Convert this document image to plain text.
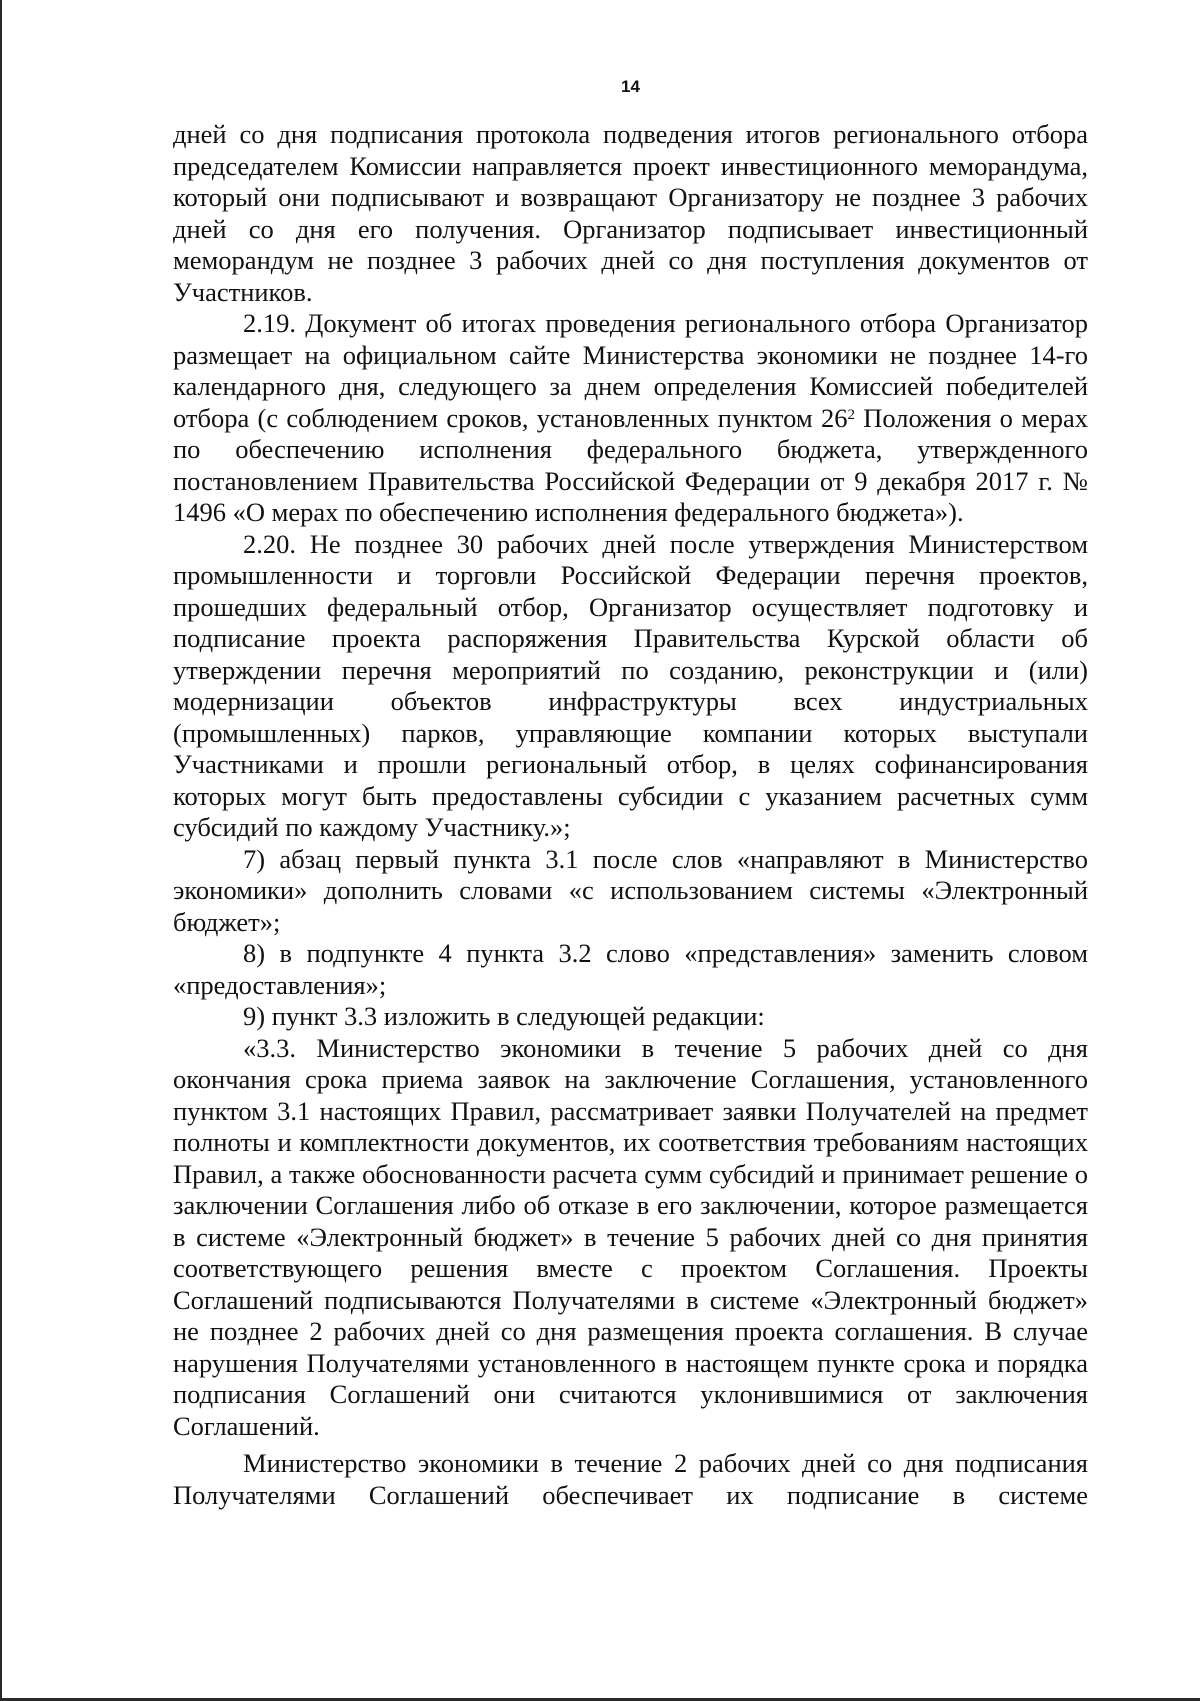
14

дней со дня подписания протокола подведения итогов регионального отбора председателем Комиссии направляется проект инвестиционного меморандума, который они подписывают и возвращают Организатору не позднее 3 рабочих дней со дня его получения. Организатор подписывает инвестиционный меморандум не позднее 3 рабочих дней со дня поступления документов от Участников.

2.19. Документ об итогах проведения регионального отбора Организатор размещает на официальном сайте Министерства экономики не позднее 14-го календарного дня, следующего за днем определения Комиссией победителей отбора (с соблюдением сроков, установленных пунктом $26^2$ Положения о мерах по обеспечению исполнения федерального бюджета, утвержденного постановлением Правительства Российской Федерации от 9 декабря 2017 г. № 1496 «О мерах по обеспечению исполнения федерального бюджета»).

2.20. Не позднее 30 рабочих дней после утверждения Министерством промышленности и торговли Российской Федерации перечня проектов, прошедших федеральный отбор, Организатор осуществляет подготовку и подписание проекта распоряжения Правительства Курской области об утверждении перечня мероприятий по созданию, реконструкции и (или) модернизации объектов инфраструктуры всех индустриальных (промышленных) парков, управляющие компании которых выступали Участниками и прошли региональный отбор, в целях софинансирования которых могут быть предоставлены субсидии с указанием расчетных сумм субсидий по каждому Участнику.»;

7) абзац первый пункта 3.1 после слов «направляют в Министерство экономики» дополнить словами «с использованием системы «Электронный бюджет»;

8) в подпункте 4 пункта 3.2 слово «представления» заменить словом «предоставления»;

9) пункт 3.3 изложить в следующей редакции:

«3.3. Министерство экономики в течение 5 рабочих дней со дня окончания срока приема заявок на заключение Соглашения, установленного пунктом 3.1 настоящих Правил, рассматривает заявки Получателей на предмет полноты и комплектности документов, их соответствия требованиям настоящих Правил, а также обоснованности расчета сумм субсидий и принимает решение о заключении Соглашения либо об отказе в его заключении, которое размещается в системе «Электронный бюджет» в течение 5 рабочих дней со дня принятия соответствующего решения вместе с проектом Соглашения. Проекты Соглашений подписываются Получателями в системе «Электронный бюджет» не позднее 2 рабочих дней со дня размещения проекта соглашения. В случае нарушения Получателями установленного в настоящем пункте срока и порядка подписания Соглашений они считаются уклонившимися от заключения Соглашений.

Министерство экономики в течение 2 рабочих дней со дня подписания Получателями Соглашений обеспечивает их подписание в системе
